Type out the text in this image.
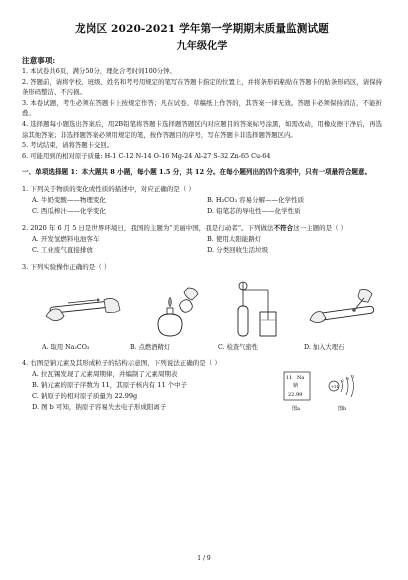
龙岗区 2020-2021 学年第一学期期末质量监测试题
九年级化学
注意事项:
1. 本试卷共6页，满分50分，理化合考时间100分钟。
2. 答题前，请将学校、班级、姓名和考号用规定的笔写在答题卡指定的位置上，并将条形码粘贴在答题卡的贴条形码区，请保持条形码整洁、不污损。
3. 本卷试题，考生必须在答题卡上按规定作答；凡在试卷、草稿纸上作答的，其答案一律无效。答题卡必须保持清洁，不能折叠。
4. 选择题每小题选出答案后，用2B铅笔将答题卡选择题答题区内对应题目的答案标号涂黑，如需改动，用橡皮擦干净后，再选涂其他答案；非选择题答案必须用规定的笔，按作答题目的序号，写在答题卡非选择题答题区内。
5. 考试结束，请将答题卡交回。
6. 可能用到的相对原子质量: H-1 C-12 N-14 O-16 Mg-24 Al-27 S-32 Zn-65 Cu-64
一、单项选择题 1：本大题共 8 小题，每小题 1.5 分，共 12 分。在每小题列出的四个选项中，只有一项最符合题意。
1. 下列关于物质的变化或性质的描述中，对应正确的是（ ）
A. 牛奶变酸——物理变化	B. H₂CO₃ 容易分解——化学性质
C. 西瓜榨汁——化学变化	D. 铅笔芯的导电性——化学性质
2. 2020 年 6 月 5 日是世界环境日，我国的主题为“美丽中国，我是行动者”。下列做法不符合这一主题的是（ ）
A. 开发氢燃料电池客车	B. 使用太阳能路灯
C. 工业废气直接排放	D. 分类回收生活垃圾
3. 下列实验操作正确的是（ ）
A. 取用 Na₂CO₃	B. 点燃酒精灯	C. 检查气密性	D. 加入大理石
4. 右图是钠元素及其形成粒子的结构示意图，下列说法正确的是（ ）
A. 拉瓦锡发现了元素周期律，并编制了元素周期表
B. 钠元素的原子序数为 11，其原子核内有 11 个中子
C. 钠原子的相对原子质量为 22.99g
D. 图 b 可知，钠原子容易失去电子形成阳离子
11 Na
钠
22.99
+11
2 8 1
图a	图b
1 / 9
